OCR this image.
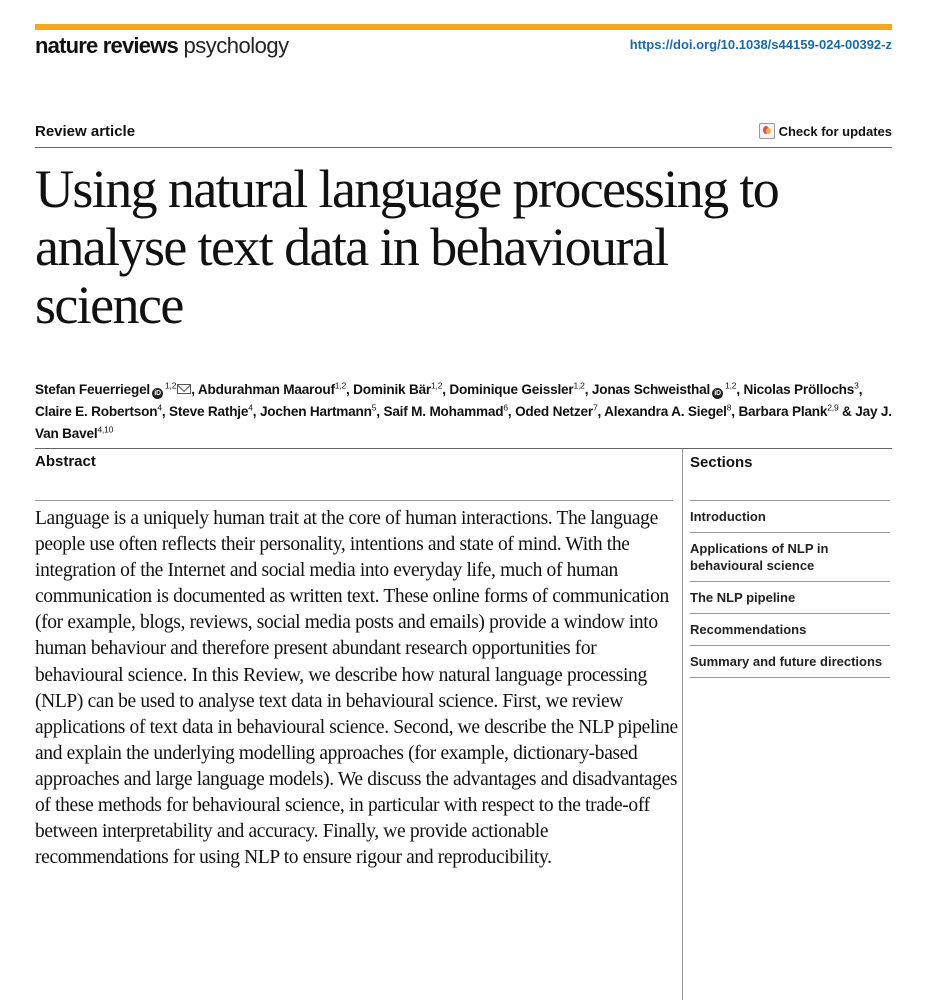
nature reviews psychology	https://doi.org/10.1038/s44159-024-00392-z
Review article	Check for updates
Using natural language processing to analyse text data in behavioural science
Stefan Feuerriegel iD$^{1,2}$ , Abdurahman Maarouf$^{1,2}$, Dominik Bär$^{1,2}$, Dominique Geissler$^{1,2}$, Jonas Schweisthal iD$^{1,2}$, Nicolas Pröllochs$^3$, Claire E. Robertson$^4$, Steve Rathje$^4$, Jochen Hartmann$^5$, Saif M. Mohammad$^6$, Oded Netzer$^7$, Alexandra A. Siegel$^8$, Barbara Plank$^{2,9}$ & Jay J. Van Bavel$^{4,10}$
Abstract

Language is a uniquely human trait at the core of human interactions. The language people use often reflects their personality, intentions and state of mind. With the integration of the Internet and social media into everyday life, much of human communication is documented as written text. These online forms of communication (for example, blogs, reviews, social media posts and emails) provide a window into human behaviour and therefore present abundant research opportunities for behavioural science. In this Review, we describe how natural language processing (NLP) can be used to analyse text data in behavioural science. First, we review applications of text data in behavioural science. Second, we describe the NLP pipeline and explain the underlying modelling approaches (for example, dictionary-based approaches and large language models). We discuss the advantages and disadvantages of these methods for behavioural science, in particular with respect to the trade-off between interpretability and accuracy. Finally, we provide actionable recommendations for using NLP to ensure rigour and reproducibility.

Sections
Introduction
Applications of NLP in behavioural science
The NLP pipeline
Recommendations
Summary and future directions
